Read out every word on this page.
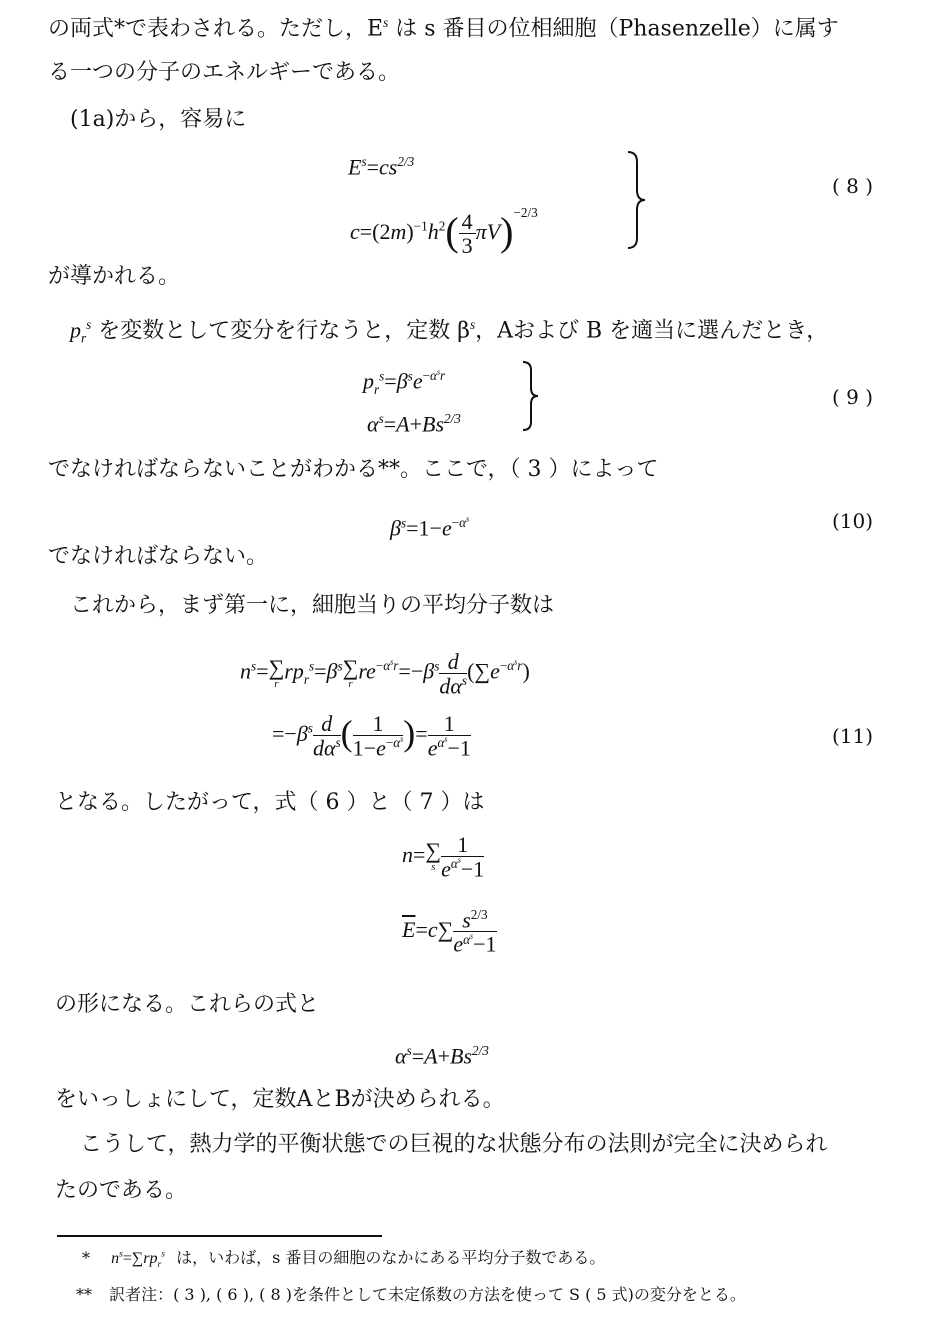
の両式*で表わされる。ただし，$E^s$ は s 番目の位相細胞（Phasenzelle）に属す
る一つの分子のエネルギーである。
(1a)から，容易に
$E^s=cs^{2/3}$
$c=(2m)^{-1}h^2( \frac{4}{3} \pi V)^{-2/3}$
( 8 )
が導かれる。
$p_r^s$ を変数として変分を行なうと，定数 $\beta^s$，Aおよび B を適当に選んだとき，
$p_r^s=\beta^se^{-\alpha^sr}$
$\alpha^s=A+Bs^{2/3}$
( 9 )
でなければならないことがわかる**。ここで，（ 3 ）によって
$\beta^s=1-e^{-\alpha^s}$	(10)
でなければならない。
これから，まず第一に，細胞当りの平均分子数は
$n^s=$ ∑
r
$rp_r^s=\beta^s$ ∑
r
$re^{-\alpha^sr}=-\beta^s \frac{d}{d\alpha^s} (\sum e^{-\alpha^sr})$
$=-\beta^s \frac{d}{d\alpha^s}$ ( $\frac{1}{1-e^{-\alpha^s}}$ )= $\frac{1}{e^{\alpha^s}-1}$	(11)
となる。したがって，式（ 6 ）と（ 7 ）は
n= ∑
s $\frac{1}{e^{\alpha^s}-1}$
$\overline{E}=c\sum \frac{s^{2/3}}{e^{\alpha^s}-1}$
の形になる。これらの式と
$\alpha^s=A+Bs^{2/3}$
をいっしょにして，定数AとBが決められる。
こうして，熱力学的平衡状態での巨視的な状態分布の法則が完全に決められ
たのである。
* $n^s=\sum rp_r^s$ は，いわば，s 番目の細胞のなかにある平均分子数である。
** 訳者注：( 3 ), ( 6 ), ( 8 )を条件として未定係数の方法を使って S ( 5 式)の変分をとる。
